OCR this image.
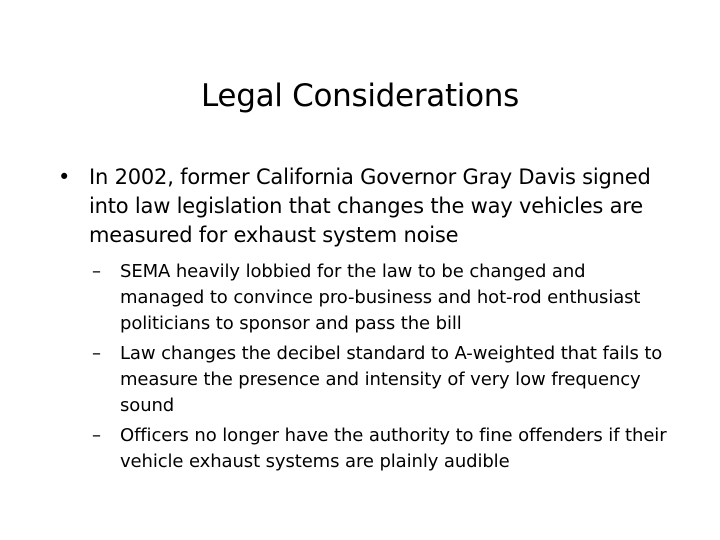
Legal Considerations
• In 2002, former California Governor Gray Davis signed into law legislation that changes the way vehicles are measured for exhaust system noise
– SEMA heavily lobbied for the law to be changed and managed to convince pro-business and hot-rod enthusiast politicians to sponsor and pass the bill
– Law changes the decibel standard to A-weighted that fails to measure the presence and intensity of very low frequency sound
– Officers no longer have the authority to fine offenders if their vehicle exhaust systems are plainly audible
